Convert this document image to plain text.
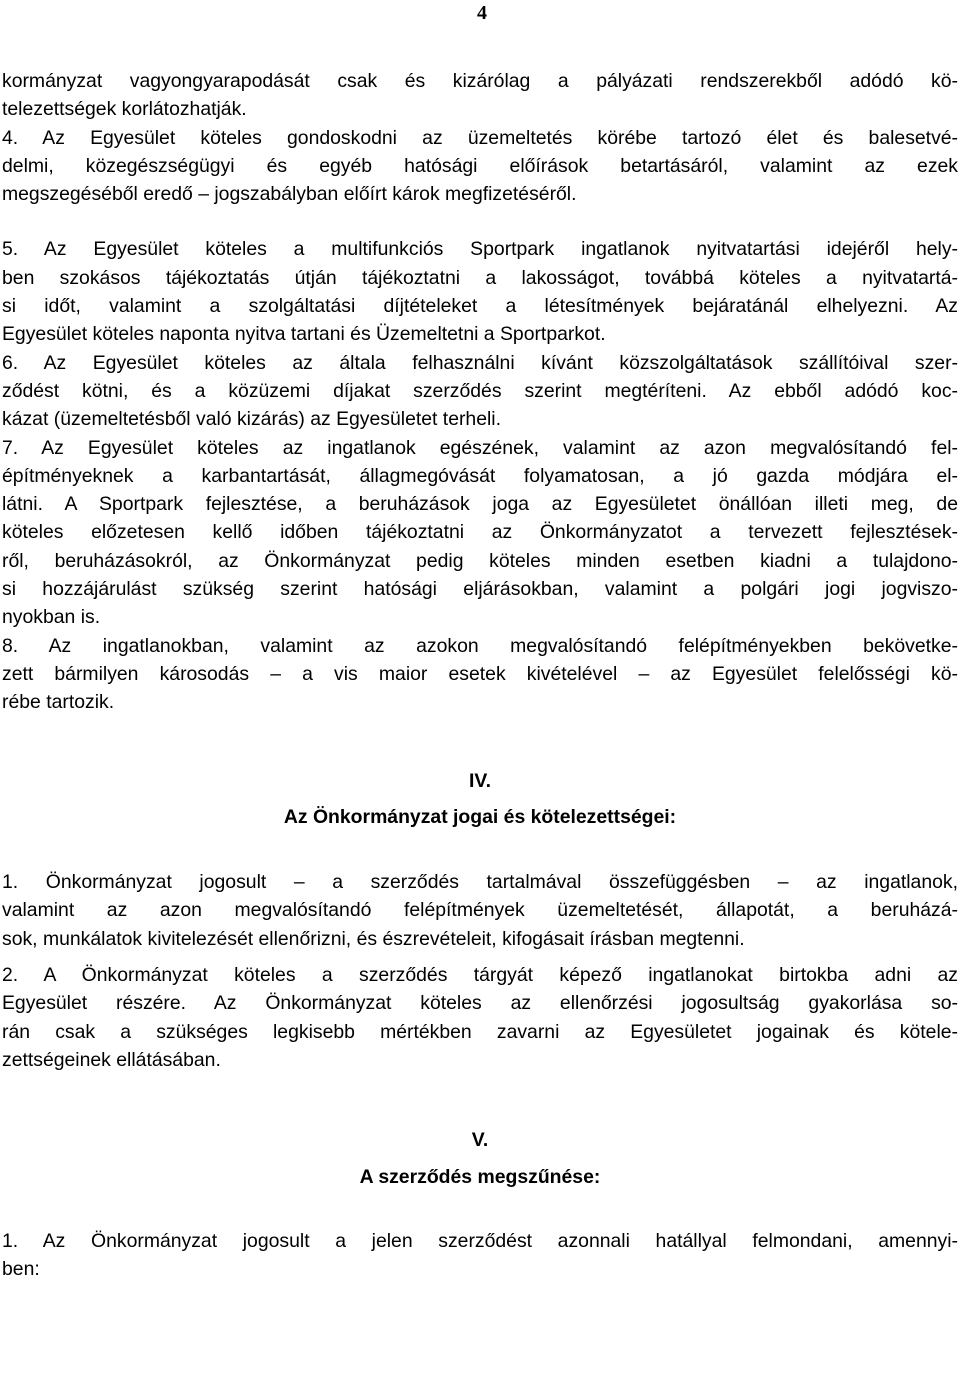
4
kormányzat vagyongyarapodását csak és kizárólag a pályázati rendszerekből adódó kö-
telezettségek korlátozhatják.
4. Az Egyesület köteles gondoskodni az üzemeltetés körébe tartozó élet és balesetvé-
delmi, közegészségügyi és egyéb hatósági előírások betartásáról, valamint az ezek
megszegéséből eredő – jogszabályban előírt károk megfizetéséről.
5. Az Egyesület köteles a multifunkciós Sportpark ingatlanok nyitvatartási idejéről hely-
ben szokásos tájékoztatás útján tájékoztatni a lakosságot, továbbá köteles a nyitvatartá-
si időt, valamint a szolgáltatási díjtételeket a létesítmények bejáratánál elhelyezni. Az
Egyesület köteles naponta nyitva tartani és Üzemeltetni a Sportparkot.
6. Az Egyesület köteles az általa felhasználni kívánt közszolgáltatások szállítóival szer-
ződést kötni, és a közüzemi díjakat szerződés szerint megtéríteni. Az ebből adódó koc-
kázat (üzemeltetésből való kizárás) az Egyesületet terheli.
7. Az Egyesület köteles az ingatlanok egészének, valamint az azon megvalósítandó fel-
építményeknek a karbantartását, állagmegóvását folyamatosan, a jó gazda módjára el-
látni. A Sportpark fejlesztése, a beruházások joga az Egyesületet önállóan illeti meg, de
köteles előzetesen kellő időben tájékoztatni az Önkormányzatot a tervezett fejlesztések-
ről, beruházásokról, az Önkormányzat pedig köteles minden esetben kiadni a tulajdono-
si hozzájárulást szükség szerint hatósági eljárásokban, valamint a polgári jogi jogviszo-
nyokban is.
8. Az ingatlanokban, valamint az azokon megvalósítandó felépítményekben bekövetke-
zett bármilyen károsodás – a vis maior esetek kivételével – az Egyesület felelősségi kö-
rébe tartozik.
IV.
Az Önkormányzat jogai és kötelezettségei:
1. Önkormányzat jogosult – a szerződés tartalmával összefüggésben – az ingatlanok,
valamint az azon megvalósítandó felépítmények üzemeltetését, állapotát, a beruházá-
sok, munkálatok kivitelezését ellenőrizni, és észrevételeit, kifogásait írásban megtenni.
2. A Önkormányzat köteles a szerződés tárgyát képező ingatlanokat birtokba adni az
Egyesület részére. Az Önkormányzat köteles az ellenőrzési jogosultság gyakorlása so-
rán csak a szükséges legkisebb mértékben zavarni az Egyesületet jogainak és kötele-
zettségeinek ellátásában.
V.
A szerződés megszűnése:
1. Az Önkormányzat jogosult a jelen szerződést azonnali hatállyal felmondani, amennyi-
ben:
